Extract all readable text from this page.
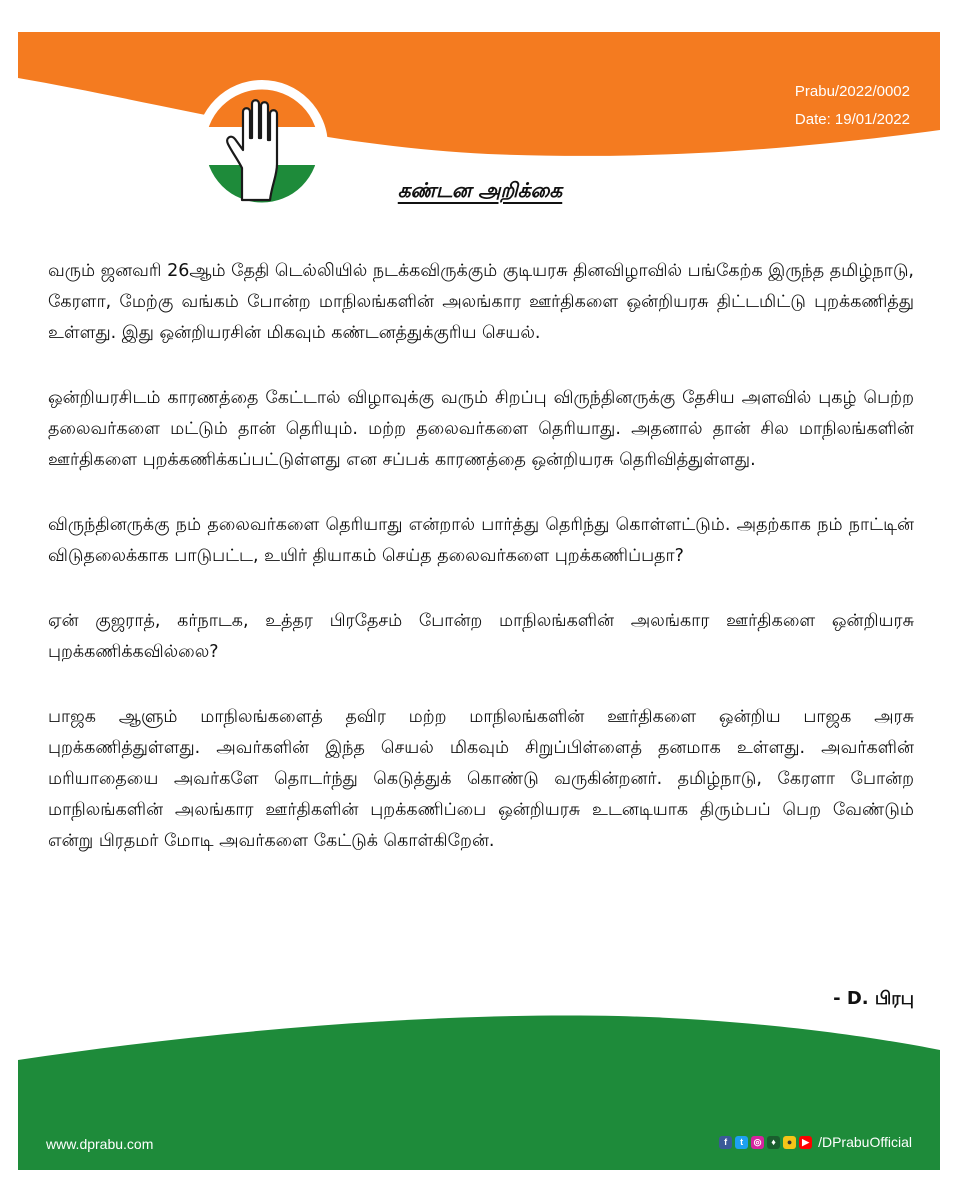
Prabu/2022/0002
Date: 19/01/2022
கண்டன அறிக்கை

வரும் ஜனவரி 26ஆம் தேதி டெல்லியில் நடக்கவிருக்கும் குடியரசு தினவிழாவில் பங்கேற்க இருந்த தமிழ்நாடு, கேரளா, மேற்கு வங்கம் போன்ற மாநிலங்களின் அலங்கார ஊர்திகளை ஒன்றியரசு திட்டமிட்டு புறக்கணித்து உள்ளது. இது ஒன்றியரசின் மிகவும் கண்டனத்துக்குரிய செயல்.

ஒன்றியரசிடம் காரணத்தை கேட்டால் விழாவுக்கு வரும் சிறப்பு விருந்தினருக்கு தேசிய அளவில் புகழ் பெற்ற தலைவர்களை மட்டும் தான் தெரியும். மற்ற தலைவர்களை தெரியாது. அதனால் தான் சில மாநிலங்களின் ஊர்திகளை புறக்கணிக்கப்பட்டுள்ளது என சப்பக் காரணத்தை ஒன்றியரசு தெரிவித்துள்ளது.

விருந்தினருக்கு நம் தலைவர்களை தெரியாது என்றால் பார்த்து தெரிந்து கொள்ளட்டும். அதற்காக நம் நாட்டின் விடுதலைக்காக பாடுபட்ட, உயிர் தியாகம் செய்த தலைவர்களை புறக்கணிப்பதா?

ஏன் குஜராத், கர்நாடக, உத்தர பிரதேசம் போன்ற மாநிலங்களின் அலங்கார ஊர்திகளை ஒன்றியரசு புறக்கணிக்கவில்லை?

பாஜக ஆளும் மாநிலங்களைத் தவிர மற்ற மாநிலங்களின் ஊர்திகளை ஒன்றிய பாஜக அரசு புறக்கணித்துள்ளது. அவர்களின் இந்த செயல் மிகவும் சிறுப்பிள்ளைத் தனமாக உள்ளது. அவர்களின் மரியாதையை அவர்களே தொடர்ந்து கெடுத்துக் கொண்டு வருகின்றனர். தமிழ்நாடு, கேரளா போன்ற மாநிலங்களின் அலங்கார ஊர்திகளின் புறக்கணிப்பை ஒன்றியரசு உடனடியாக திரும்பப் பெற வேண்டும் என்று பிரதமர் மோடி அவர்களை கேட்டுக் கொள்கிறேன்.

- D. பிரபு
www.dprabu.com	f	t	◎	♦	●	▶ /DPrabuOfficial
